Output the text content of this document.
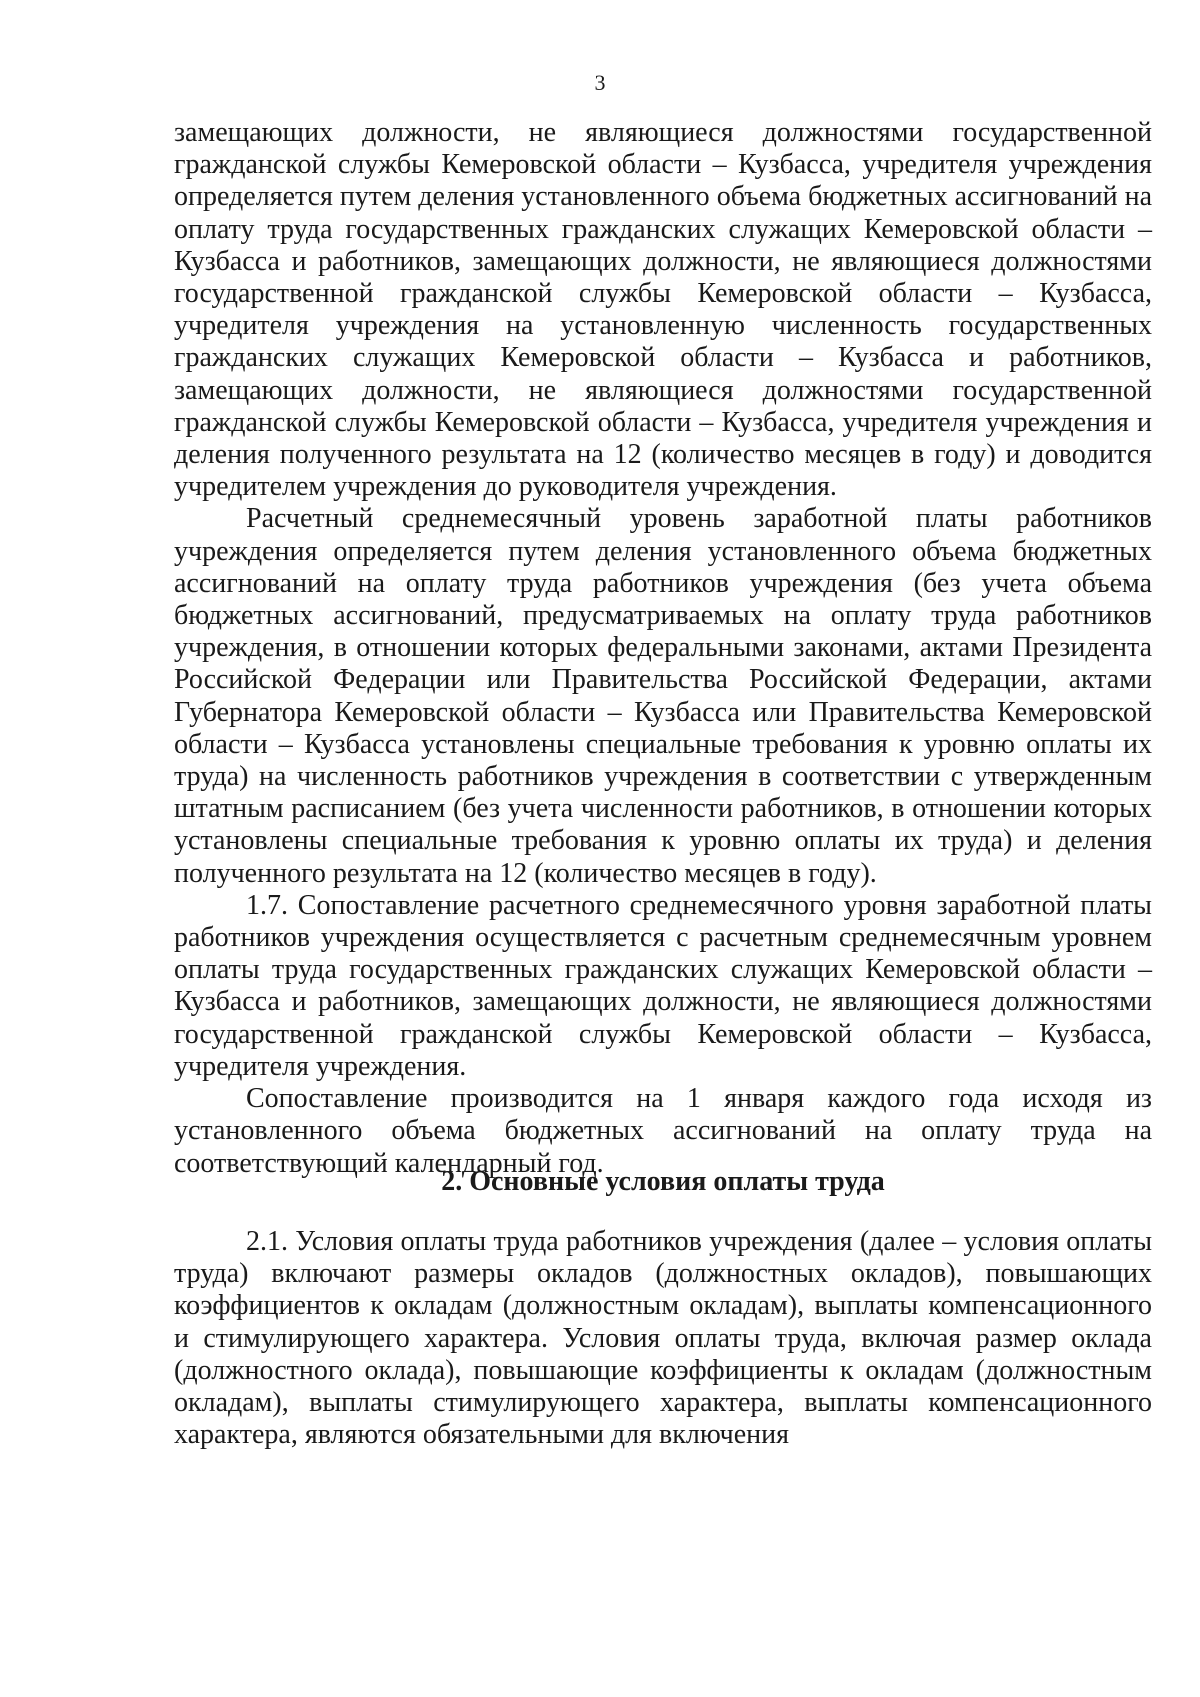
3

замещающих должности, не являющиеся должностями государственной гражданской службы Кемеровской области – Кузбасса, учредителя учреждения определяется путем деления установленного объема бюджетных ассигнований на оплату труда государственных гражданских служащих Кемеровской области – Кузбасса и работников, замещающих должности, не являющиеся должностями государственной гражданской службы Кемеровской области – Кузбасса, учредителя учреждения на установленную численность государственных гражданских служащих Кемеровской области – Кузбасса и работников, замещающих должности, не являющиеся должностями государственной гражданской службы Кемеровской области – Кузбасса, учредителя учреждения и деления полученного результата на 12 (количество месяцев в году) и доводится учредителем учреждения до руководителя учреждения.

Расчетный среднемесячный уровень заработной платы работников учреждения определяется путем деления установленного объема бюджетных ассигнований на оплату труда работников учреждения (без учета объема бюджетных ассигнований, предусматриваемых на оплату труда работников учреждения, в отношении которых федеральными законами, актами Президента Российской Федерации или Правительства Российской Федерации, актами Губернатора Кемеровской области – Кузбасса или Правительства Кемеровской области – Кузбасса установлены специальные требования к уровню оплаты их труда) на численность работников учреждения в соответствии с утвержденным штатным расписанием (без учета численности работников, в отношении которых установлены специальные требования к уровню оплаты их труда) и деления полученного результата на 12 (количество месяцев в году).

1.7. Сопоставление расчетного среднемесячного уровня заработной платы работников учреждения осуществляется с расчетным среднемесячным уровнем оплаты труда государственных гражданских служащих Кемеровской области – Кузбасса и работников, замещающих должности, не являющиеся должностями государственной гражданской службы Кемеровской области – Кузбасса, учредителя учреждения.

Сопоставление производится на 1 января каждого года исходя из установленного объема бюджетных ассигнований на оплату труда на соответствующий календарный год.

2. Основные условия оплаты труда

2.1. Условия оплаты труда работников учреждения (далее – условия оплаты труда) включают размеры окладов (должностных окладов), повышающих коэффициентов к окладам (должностным окладам), выплаты компенсационного и стимулирующего характера. Условия оплаты труда, включая размер оклада (должностного оклада), повышающие коэффициенты к окладам (должностным окладам), выплаты стимулирующего характера, выплаты компенсационного характера, являются обязательными для включения
